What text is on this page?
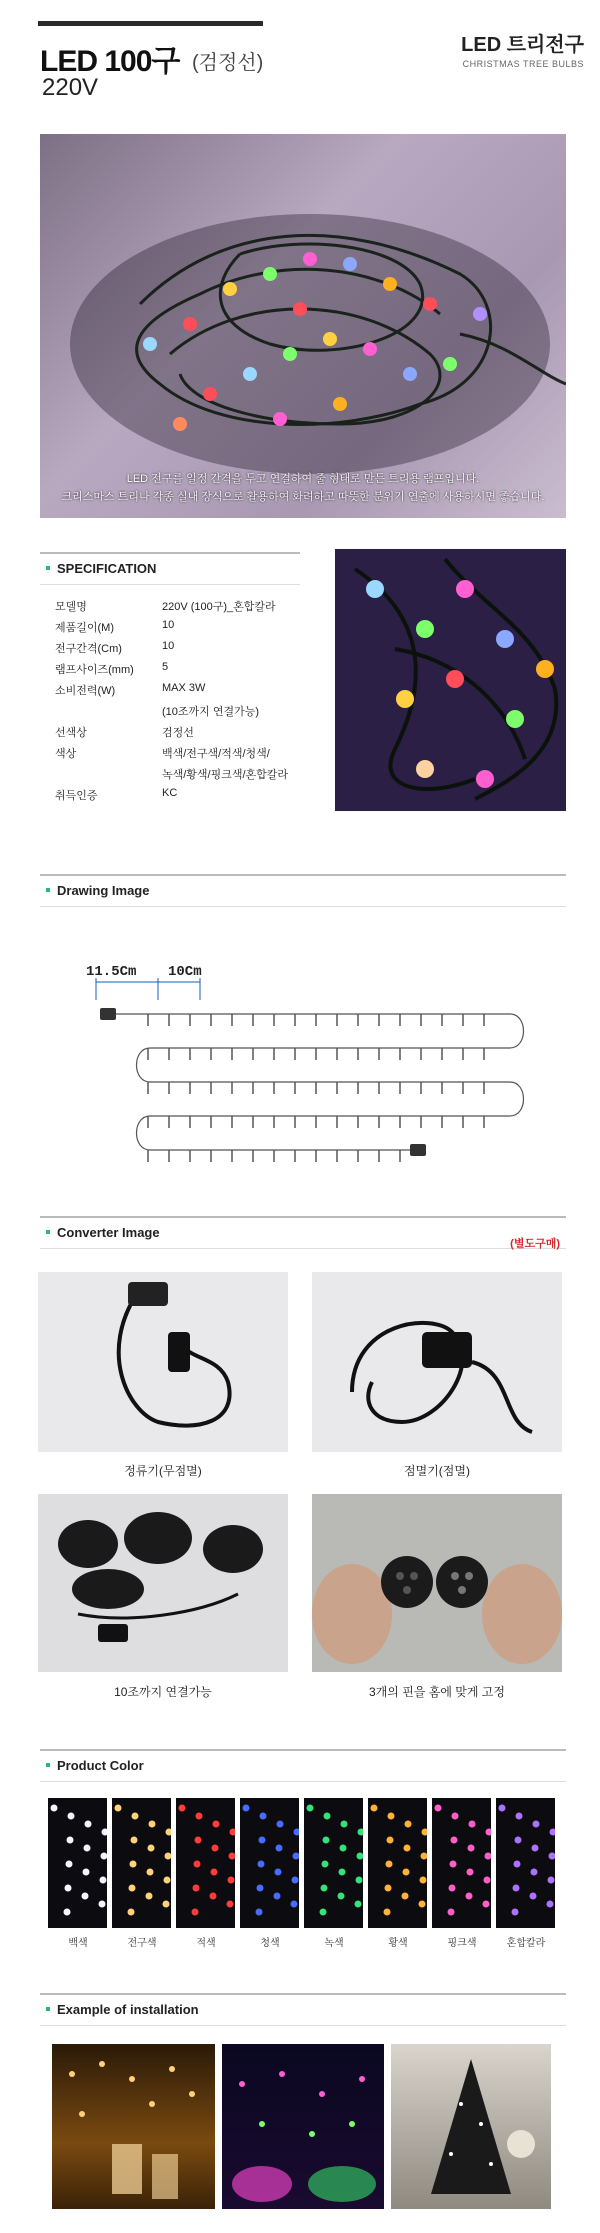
LED 100구 (검정선)
220V
LED 트리전구
CHRISTMAS TREE BULBS
LED 전구를 일정 간격을 두고 연결하여 줄 형태로 만든 트리용 램프입니다.
크리스마스 트리나 각종 실내 장식으로 활용하여 화려하고 따뜻한 분위기 연출에 사용하시면 좋습니다.
SPECIFICATION
모델명	220V (100구)_혼합칼라
제품길이(M)	10
전구간격(Cm)	10
램프사이즈(mm)	5
소비전력(W)	MAX 3W
(10조까지 연결가능)
선색상	검정선
색상	백색/전구색/적색/청색/
녹색/황색/핑크색/혼합칼라
취득인증	KC
Drawing Image
11.5Cm 10Cm
Converter Image
(별도구매)
정류기(무점멸)	점멸기(점멸)
10조까지 연결가능	3개의 핀을 홈에 맞게 고정
Product Color
백색	전구색	적색	청색	녹색	황색	핑크색	혼합칼라
Example of installation
